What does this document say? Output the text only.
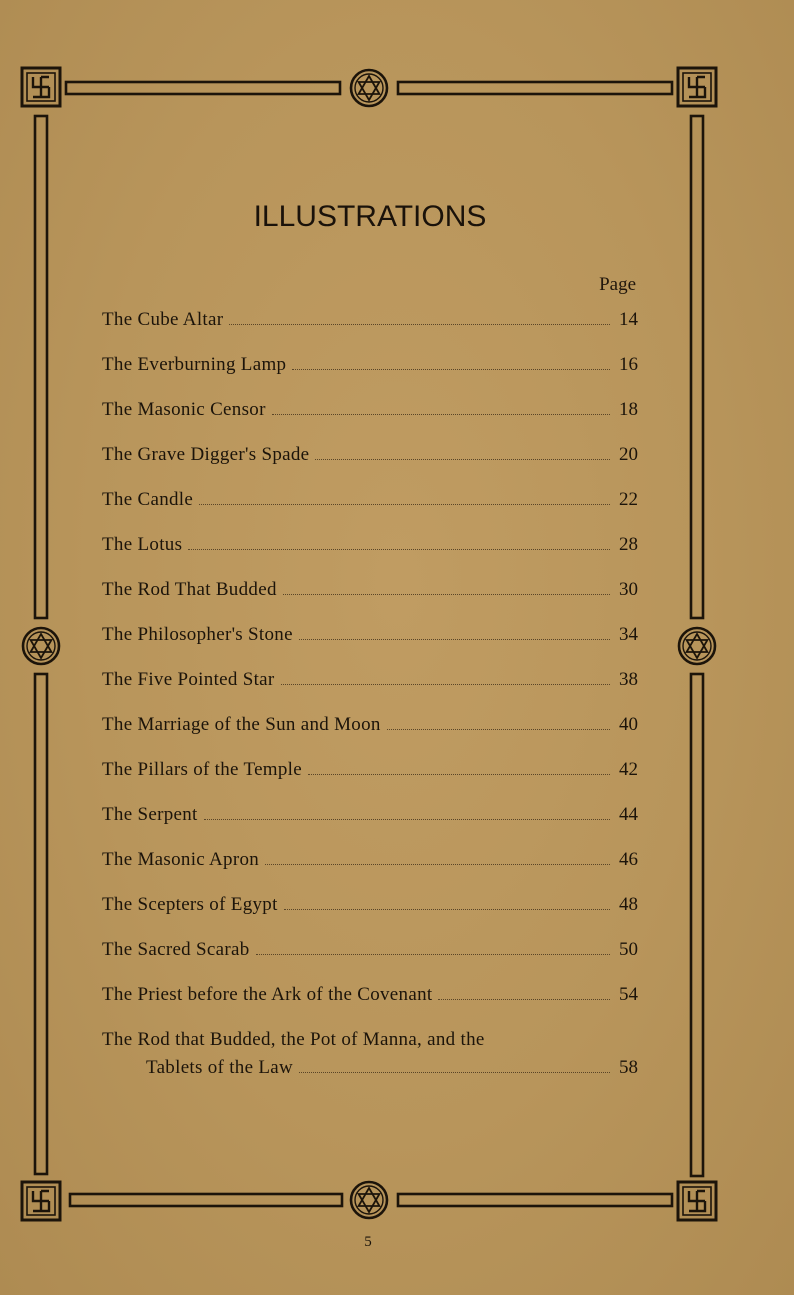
ILLUSTRATIONS
Page
The Cube Altar	14
The Everburning Lamp	16
The Masonic Censor	18
The Grave Digger's Spade	20
The Candle	22
The Lotus	28
The Rod That Budded	30
The Philosopher's Stone	34
The Five Pointed Star	38
The Marriage of the Sun and Moon	40
The Pillars of the Temple	42
The Serpent	44
The Masonic Apron	46
The Scepters of Egypt	48
The Sacred Scarab	50
The Priest before the Ark of the Covenant	54
The Rod that Budded, the Pot of Manna, and the
Tablets of the Law	58
5
